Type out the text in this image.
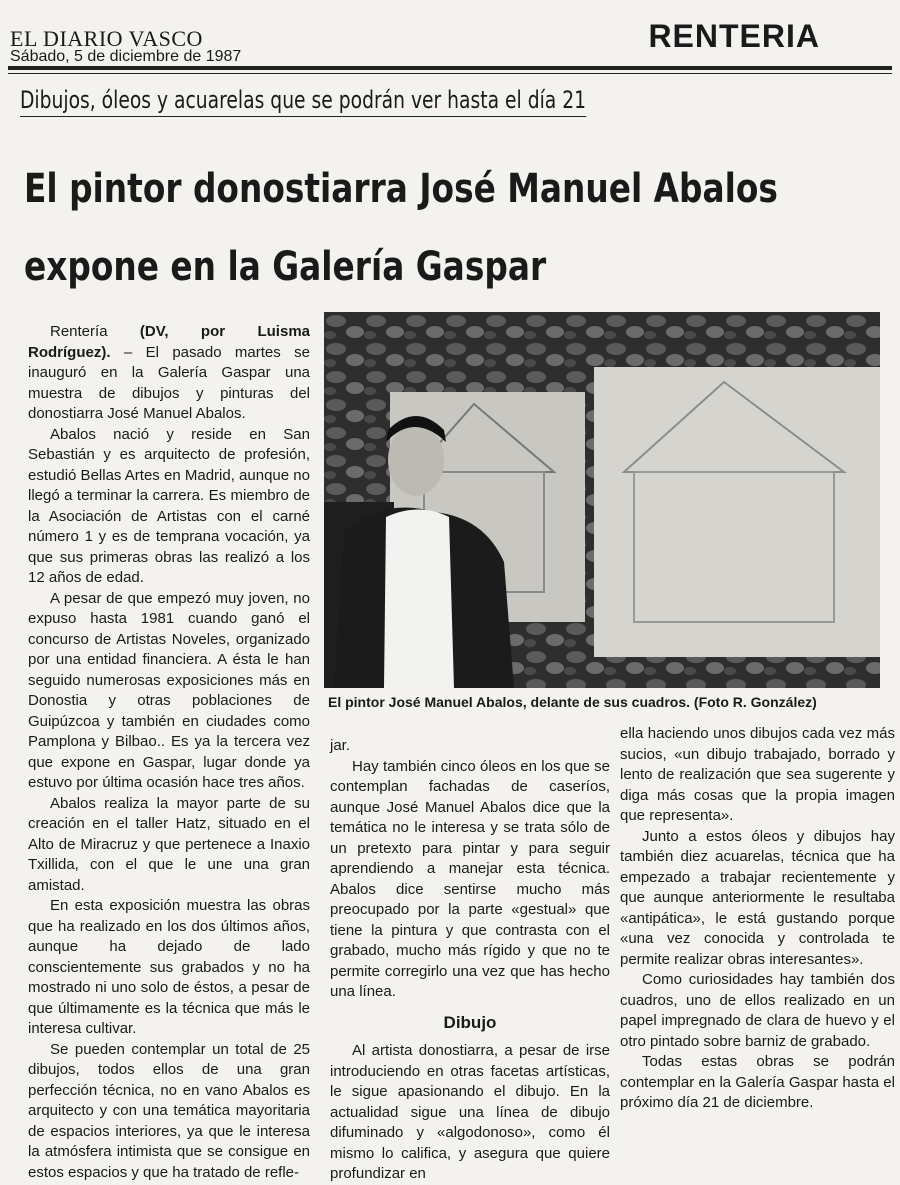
EL DIARIO VASCO
Sábado, 5 de diciembre de 1987
RENTERIA
Dibujos, óleos y acuarelas que se podrán ver hasta el día 21
El pintor donostiarra José Manuel Abalos
expone en la Galería Gaspar

Rentería (DV, por Luisma Rodríguez). – El pasado martes se inauguró en la Galería Gaspar una muestra de dibujos y pinturas del donostiarra José Manuel Abalos.

Abalos nació y reside en San Sebastián y es arquitecto de profesión, estudió Bellas Artes en Madrid, aunque no llegó a terminar la carrera. Es miembro de la Asociación de Artistas con el carné número 1 y es de temprana vocación, ya que sus primeras obras las realizó a los 12 años de edad.

A pesar de que empezó muy joven, no expuso hasta 1981 cuando ganó el concurso de Artistas Noveles, organizado por una entidad financiera. A ésta le han seguido numerosas exposiciones más en Donostia y otras poblaciones de Guipúzcoa y también en ciudades como Pamplona y Bilbao.. Es ya la tercera vez que expone en Gaspar, lugar donde ya estuvo por última ocasión hace tres años.

Abalos realiza la mayor parte de su creación en el taller Hatz, situado en el Alto de Miracruz y que pertenece a Inaxio Txillida, con el que le une una gran amistad.

En esta exposición muestra las obras que ha realizado en los dos últimos años, aunque ha dejado de lado conscientemente sus grabados y no ha mostrado ni uno solo de éstos, a pesar de que últimamente es la técnica que más le interesa cultivar.

Se pueden contemplar un total de 25 dibujos, todos ellos de una gran perfección técnica, no en vano Abalos es arquitecto y con una temática mayoritaria de espacios interiores, ya que le interesa la atmósfera intimista que se consigue en estos espacios y que ha tratado de refle-

El pintor José Manuel Abalos, delante de sus cuadros. (Foto R. González)
jar.

Hay también cinco óleos en los que se contemplan fachadas de caseríos, aunque José Manuel Abalos dice que la temática no le interesa y se trata sólo de un pretexto para pintar y para seguir aprendiendo a manejar esta técnica. Abalos dice sentirse mucho más preocupado por la parte «gestual» que tiene la pintura y que contrasta con el grabado, mucho más rígido y que no te permite corregirlo una vez que has hecho una línea.

Dibujo

Al artista donostiarra, a pesar de irse introduciendo en otras facetas artísticas, le sigue apasionando el dibujo. En la actualidad sigue una línea de dibujo difuminado y «algodonoso», como él mismo lo califica, y asegura que quiere profundizar en

ella haciendo unos dibujos cada vez más sucios, «un dibujo trabajado, borrado y lento de realización que sea sugerente y diga más cosas que la propia imagen que representa».

Junto a estos óleos y dibujos hay también diez acuarelas, técnica que ha empezado a trabajar recientemente y que aunque anteriormente le resultaba «antipática», le está gustando porque «una vez conocida y controlada te permite realizar obras interesantes».

Como curiosidades hay también dos cuadros, uno de ellos realizado en un papel impregnado de clara de huevo y el otro pintado sobre barniz de grabado.

Todas estas obras se podrán contemplar en la Galería Gaspar hasta el próximo día 21 de diciembre.
